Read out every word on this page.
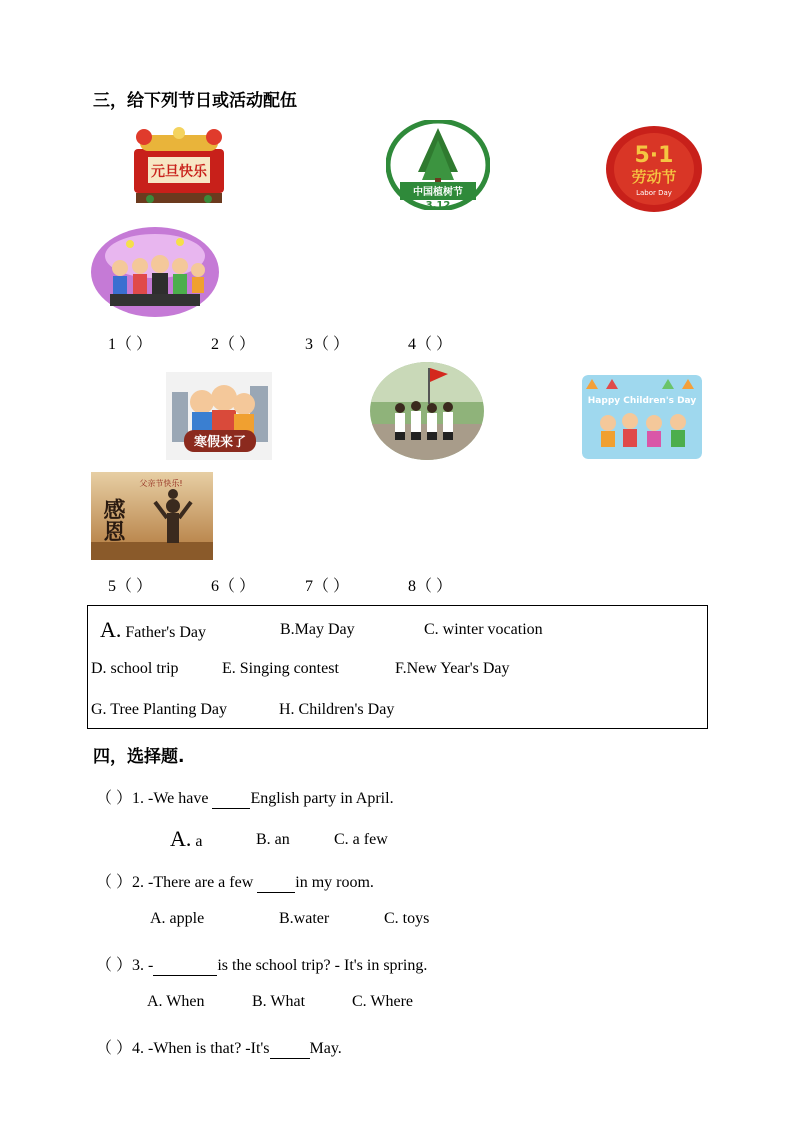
三，给下列节日或活动配伍
元旦快乐
中国植树节
3.12
5·1
劳动节
Labor Day
1（ ）	2（ ）	3（ ）	4（ ）
寒假来了
Happy Children's Day
父亲节快乐!
感恩
5（ ）	6（ ）	7（ ）	8（ ）
A. Father's Day	B.May Day	C. winter vocation
D. school trip	E. Singing contest	F.New Year's Day
G. Tree Planting Day	H. Children's Day
四，选择题.
（ ）1. -We have	English party in April.
A. a	B. an	C. a few
（ ）2. -There are a few	in my room.
A. apple	B.water	C. toys
（ ）3. -	is the school trip? - It's in spring.
A. When	B. What	C. Where
（ ）4. -When is that? -It's	May.
